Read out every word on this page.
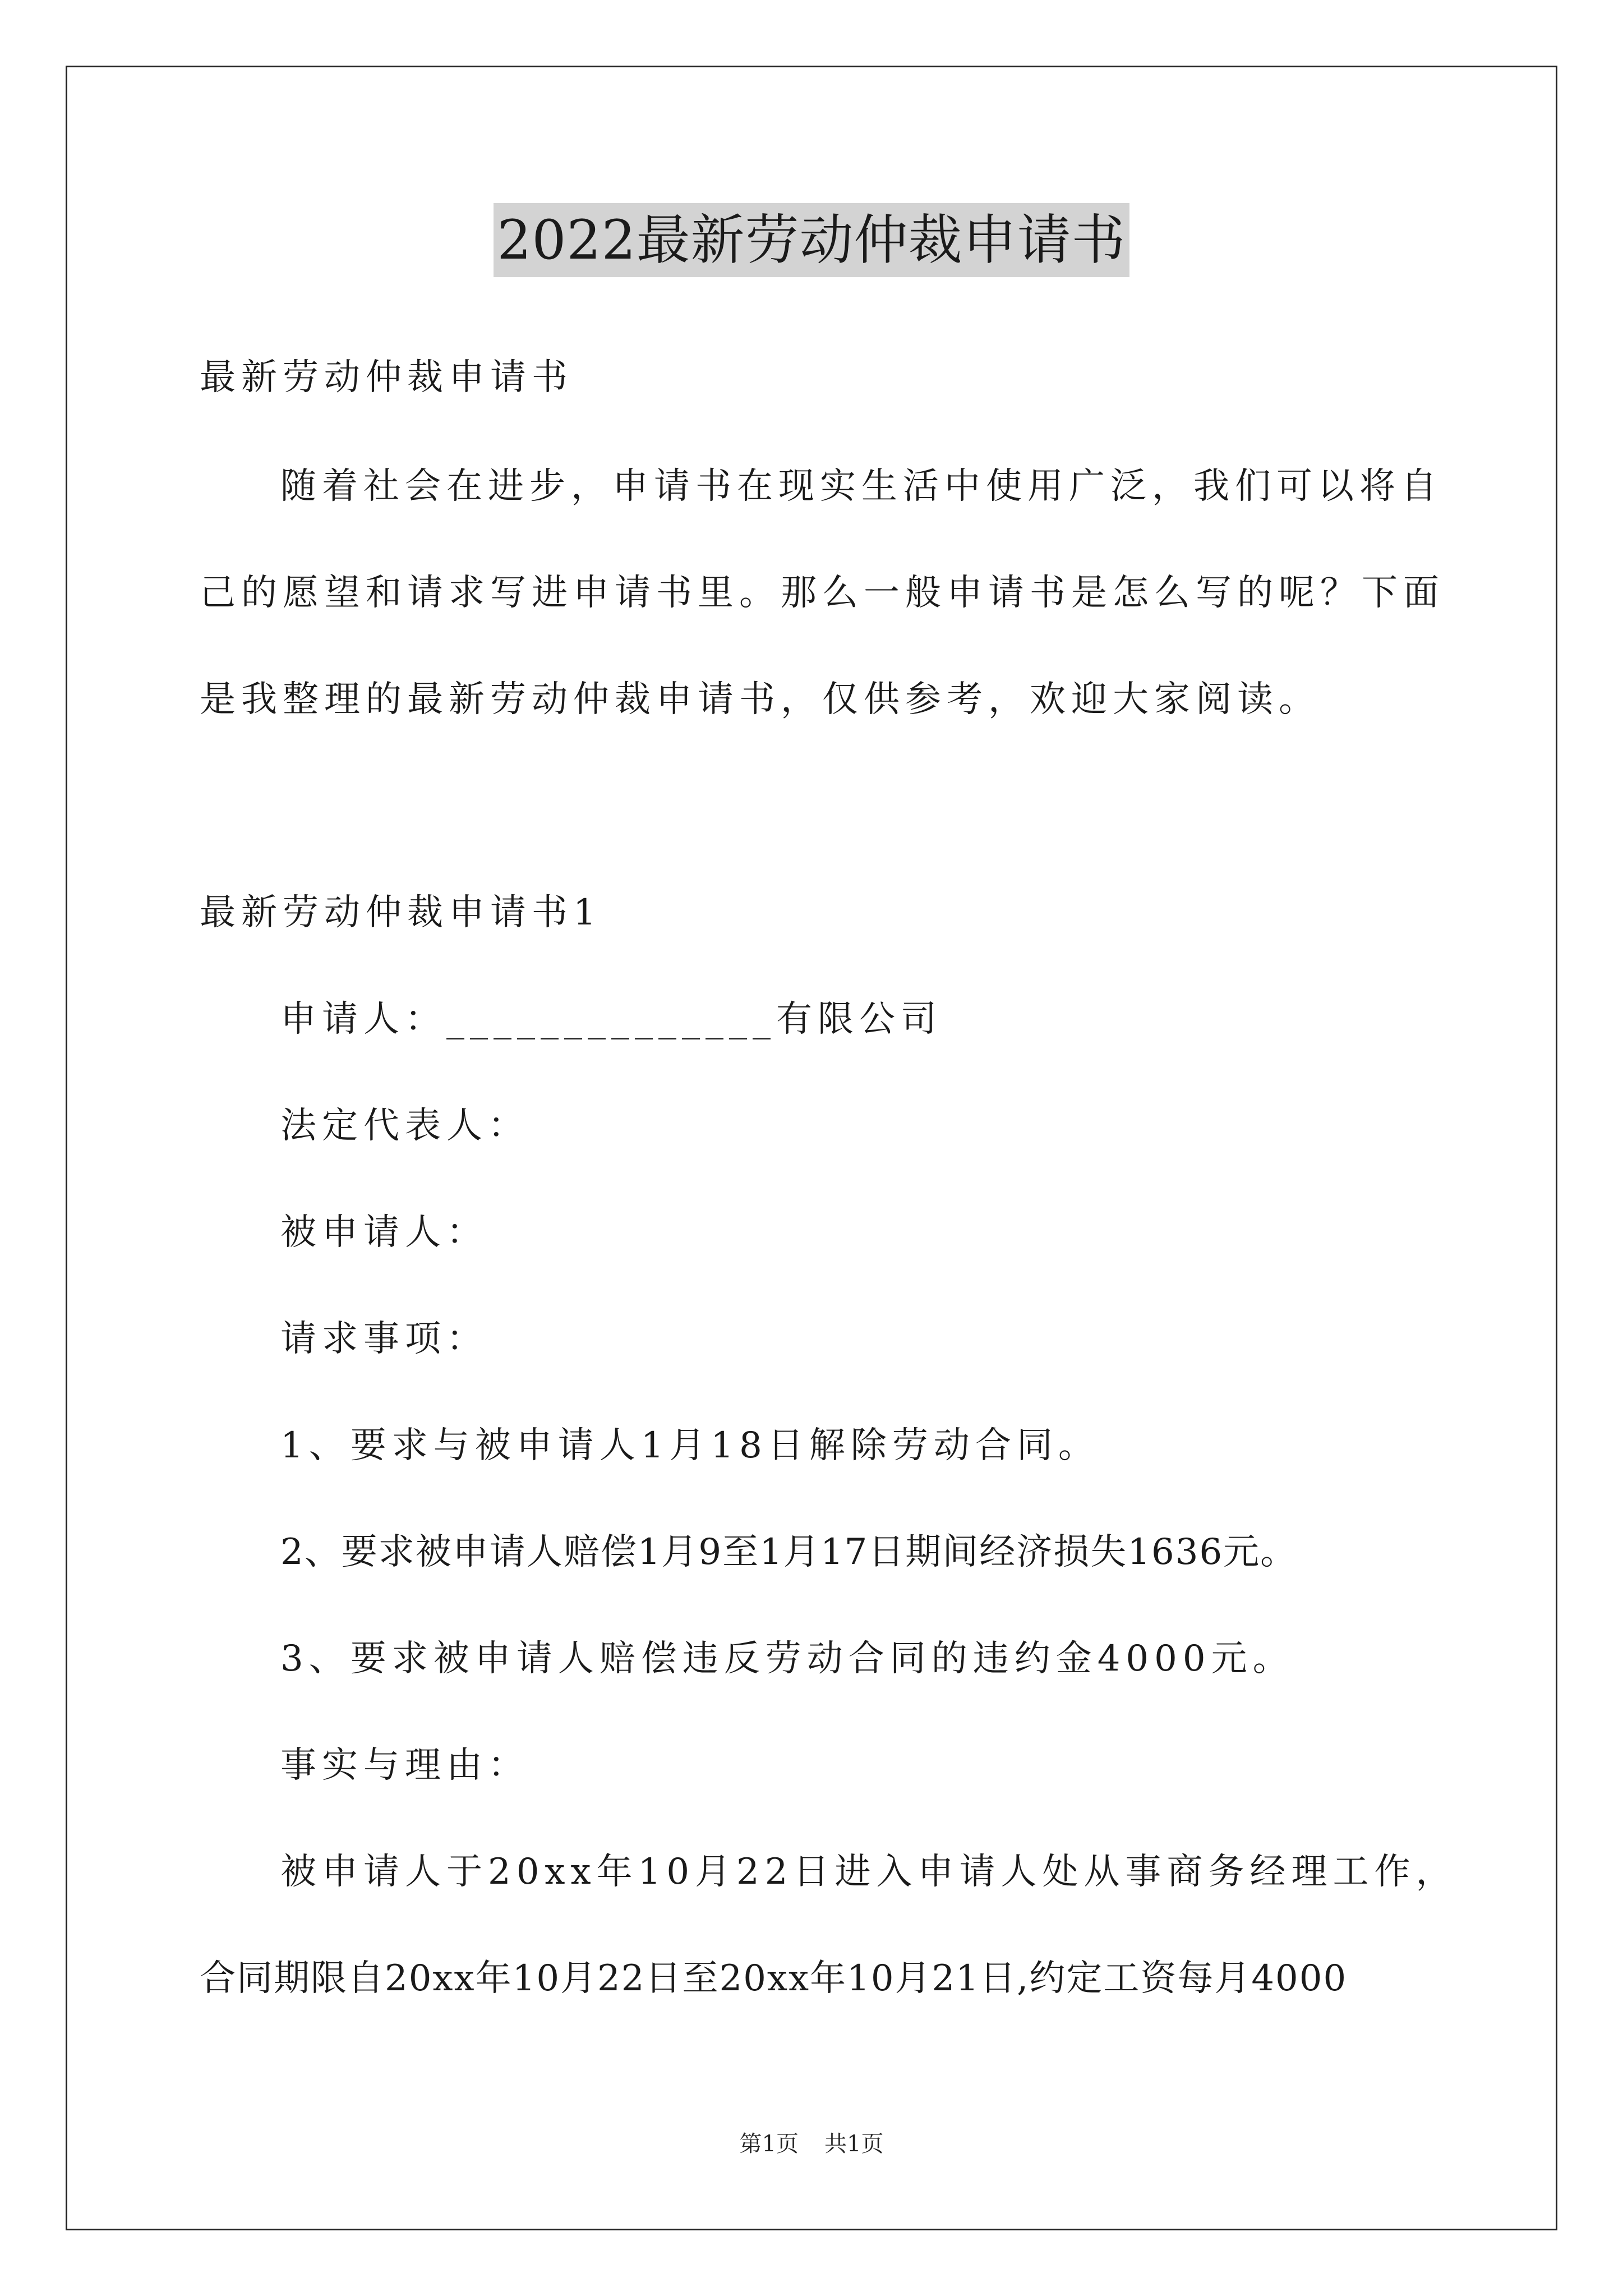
2022最新劳动仲裁申请书
最新劳动仲裁申请书
随着社会在进步，申请书在现实生活中使用广泛，我们可以将自
己的愿望和请求写进申请书里。那么一般申请书是怎么写的呢？下面
是我整理的最新劳动仲裁申请书，仅供参考，欢迎大家阅读。
最新劳动仲裁申请书1
申请人：______________有限公司
法定代表人：
被申请人：
请求事项：
1、要求与被申请人1月18日解除劳动合同。
2、要求被申请人赔偿1月9至1月17日期间经济损失1636元。
3、要求被申请人赔偿违反劳动合同的违约金4000元。
事实与理由：
被申请人于20xx年10月22日进入申请人处从事商务经理工作，
合同期限自20xx年10月22日至20xx年10月21日,约定工资每月4000
第1页 共1页
